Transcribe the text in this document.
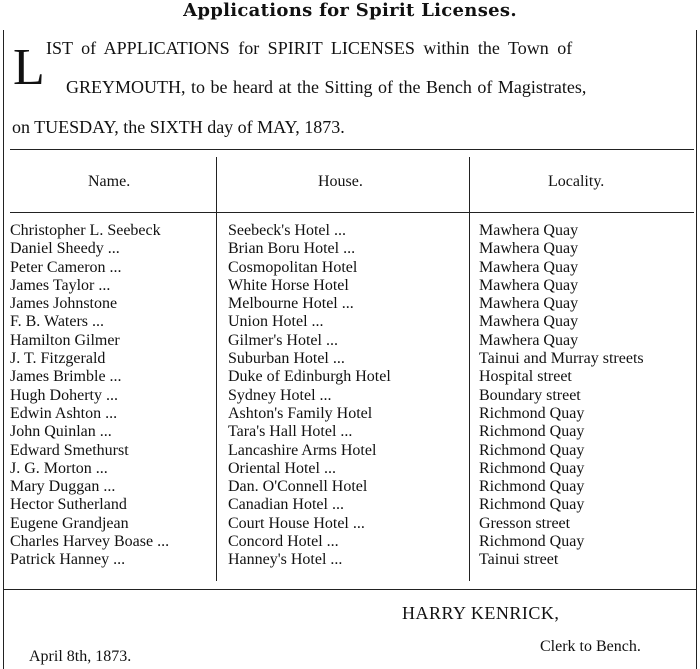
Applications for Spirit Licenses.
L IST of APPLICATIONS for SPIRIT LICENSES within the Town of
GREYMOUTH, to be heard at the Sitting of the Bench of Magistrates,
on TUESDAY, the SIXTH day of MAY, 1873.
Name.	House.	Locality.
Christopher L. Seebeck	Seebeck's Hotel ...	Mawhera Quay
Daniel Sheedy ...	Brian Boru Hotel ...	Mawhera Quay
Peter Cameron ...	Cosmopolitan Hotel	Mawhera Quay
James Taylor ...	White Horse Hotel	Mawhera Quay
James Johnstone	Melbourne Hotel ...	Mawhera Quay
F. B. Waters ...	Union Hotel ...	Mawhera Quay
Hamilton Gilmer	Gilmer's Hotel ...	Mawhera Quay
J. T. Fitzgerald	Suburban Hotel ...	Tainui and Murray streets
James Brimble ...	Duke of Edinburgh Hotel	Hospital street
Hugh Doherty ...	Sydney Hotel ...	Boundary street
Edwin Ashton ...	Ashton's Family Hotel	Richmond Quay
John Quinlan ...	Tara's Hall Hotel ...	Richmond Quay
Edward Smethurst	Lancashire Arms Hotel	Richmond Quay
J. G. Morton ...	Oriental Hotel ...	Richmond Quay
Mary Duggan ...	Dan. O'Connell Hotel	Richmond Quay
Hector Sutherland	Canadian Hotel ...	Richmond Quay
Eugene Grandjean	Court House Hotel ...	Gresson street
Charles Harvey Boase ...	Concord Hotel ...	Richmond Quay
Patrick Hanney ...	Hanney's Hotel ...	Tainui street
HARRY KENRICK,
Clerk to Bench.
April 8th, 1873.
